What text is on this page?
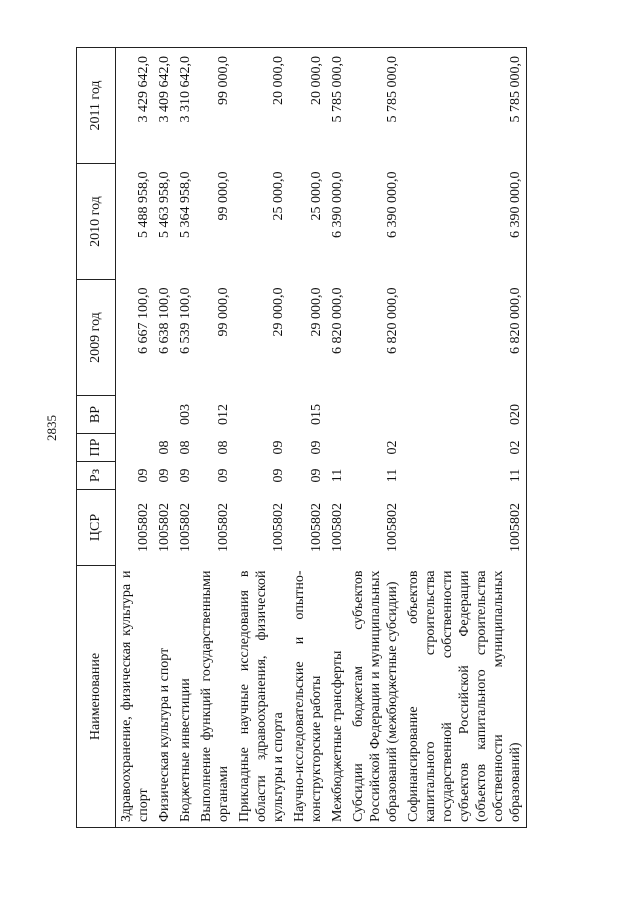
2835
Наименование	ЦСР	Рз	ПР	ВР	2009 год	2010 год	2011 год
Здравоохранение, физическая культура и спорт	1005802	09			6 667 100,0	5 488 958,0	3 429 642,0
Физическая культура и спорт	1005802	09	08		6 638 100,0	5 463 958,0	3 409 642,0
Бюджетные инвестиции	1005802	09	08	003	6 539 100,0	5 364 958,0	3 310 642,0
Выполнение функций государственными органами	1005802	09	08	012	99 000,0	99 000,0	99 000,0
Прикладные научные исследования в области здравоохранения, физической культуры и спорта	1005802	09	09		29 000,0	25 000,0	20 000,0
Научно-исследовательские и опытно-конструкторские работы	1005802	09	09	015	29 000,0	25 000,0	20 000,0
Межбюджетные трансферты	1005802	11			6 820 000,0	6 390 000,0	5 785 000,0
Субсидии бюджетам субъектов Российской Федерации и муниципальных образований (межбюджетные субсидии)	1005802	11	02		6 820 000,0	6 390 000,0	5 785 000,0
Софинансирование объектов капитального строительства государственной собственности субъектов Российской Федерации (объектов капитального строительства собственности муниципальных образований)	1005802	11	02	020	6 820 000,0	6 390 000,0	5 785 000,0
